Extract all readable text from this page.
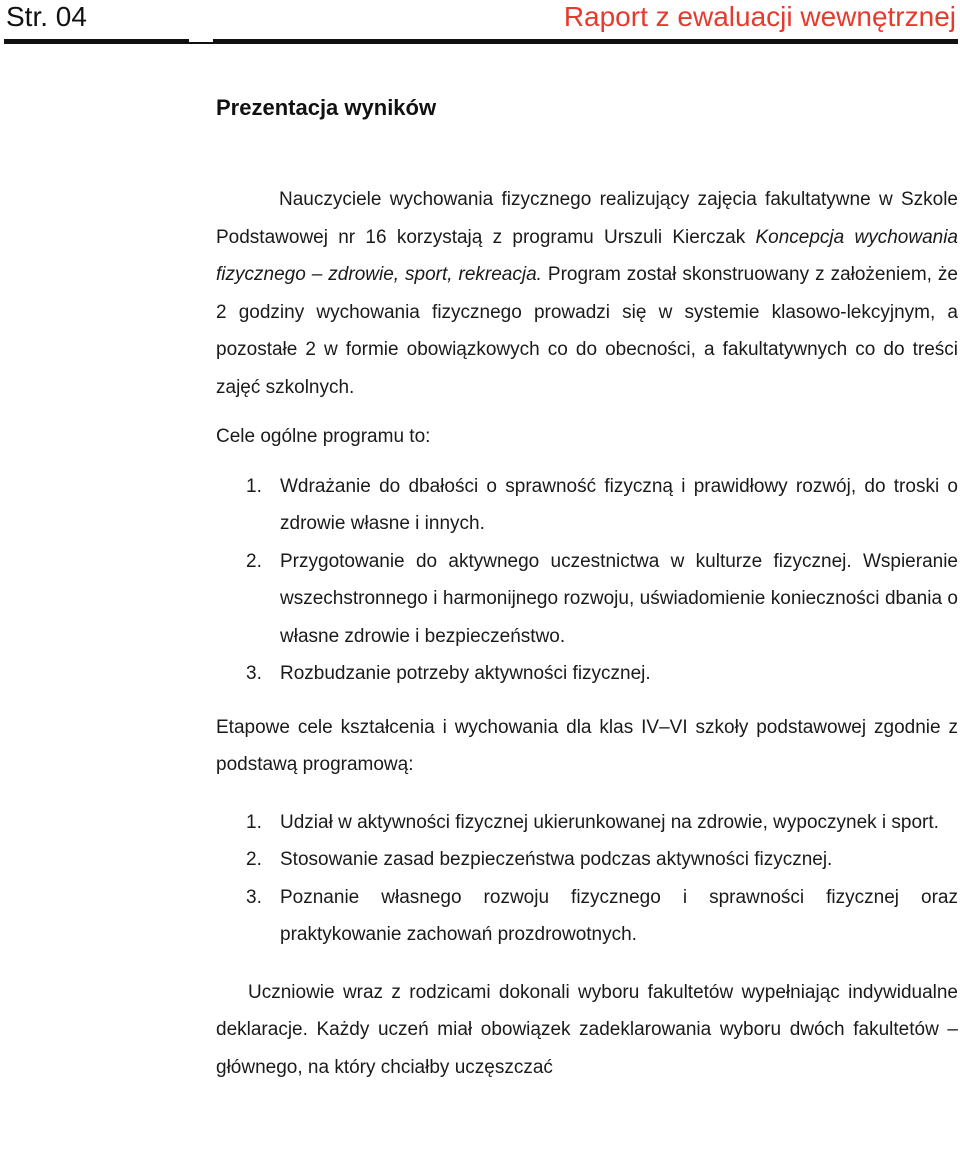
Str. 04	Raport z ewaluacji wewnętrznej
Prezentacja wyników

Nauczyciele wychowania fizycznego realizujący zajęcia fakultatywne w Szkole Podstawowej nr 16 korzystają z programu Urszuli Kierczak Koncepcja wychowania fizycznego – zdrowie, sport, rekreacja. Program został skonstruowany z założeniem, że 2 godziny wychowania fizycznego prowadzi się w systemie klasowo-lekcyjnym, a pozostałe 2 w formie obowiązkowych co do obecności, a fakultatywnych co do treści zajęć szkolnych.

Cele ogólne programu to:

1. Wdrażanie do dbałości o sprawność fizyczną i prawidłowy rozwój, do troski o zdrowie własne i innych.
2. Przygotowanie do aktywnego uczestnictwa w kulturze fizycznej. Wspieranie wszechstronnego i harmonijnego rozwoju, uświadomienie konieczności dbania o własne zdrowie i bezpieczeństwo.
3. Rozbudzanie potrzeby aktywności fizycznej.

Etapowe cele kształcenia i wychowania dla klas IV–VI szkoły podstawowej zgodnie z podstawą programową:

1. Udział w aktywności fizycznej ukierunkowanej na zdrowie, wypoczynek i sport.
2. Stosowanie zasad bezpieczeństwa podczas aktywności fizycznej.
3. Poznanie własnego rozwoju fizycznego i sprawności fizycznej oraz praktykowanie zachowań prozdrowotnych.

Uczniowie wraz z rodzicami dokonali wyboru fakultetów wypełniając indywidualne deklaracje. Każdy uczeń miał obowiązek zadeklarowania wyboru dwóch fakultetów – głównego, na który chciałby uczęszczać
